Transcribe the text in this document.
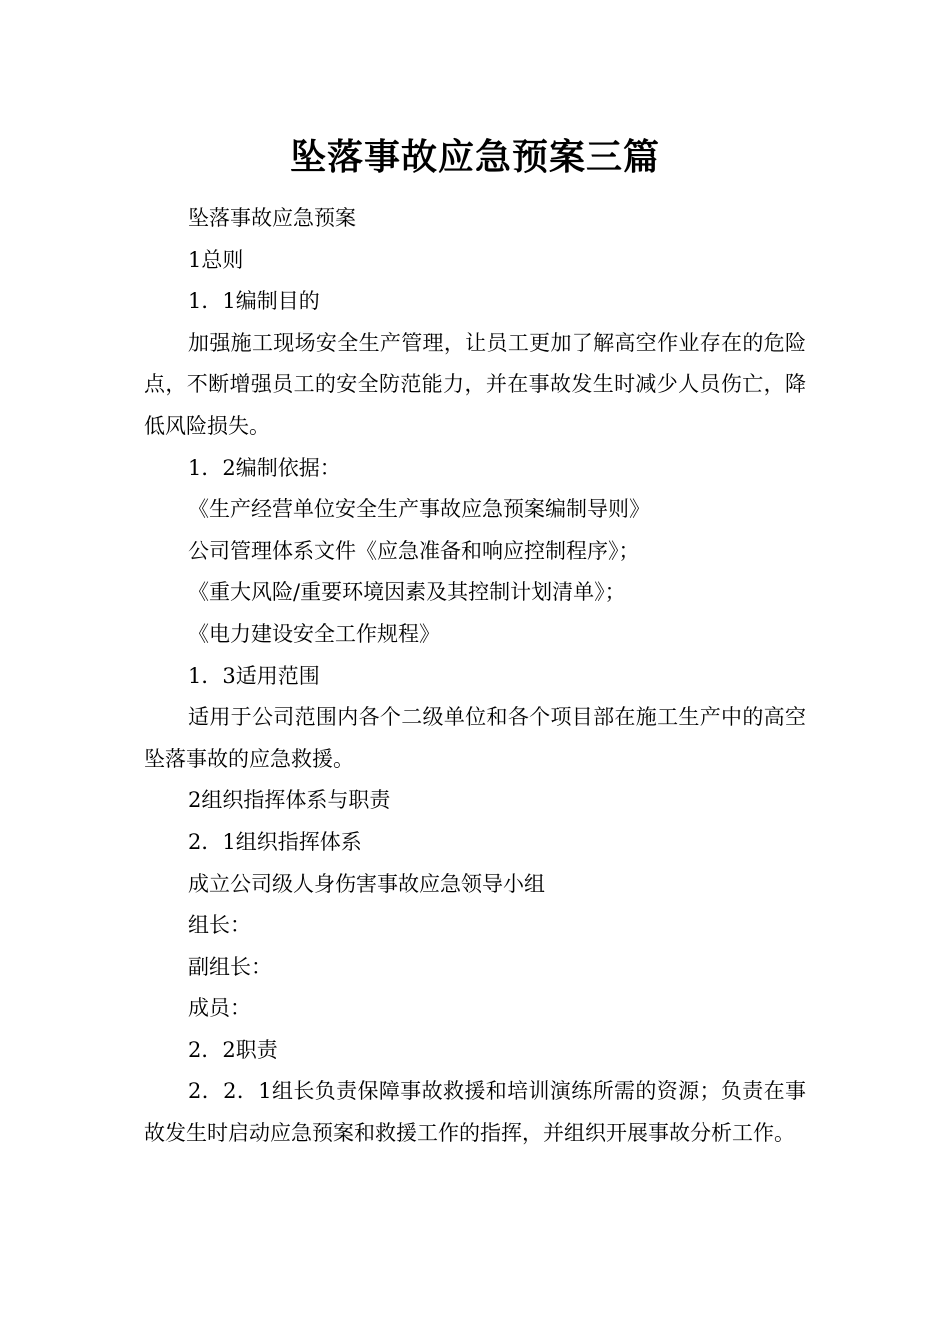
坠落事故应急预案三篇

坠落事故应急预案

1总则

1．1编制目的

加强施工现场安全生产管理，让员工更加了解高空作业存在的危险点，不断增强员工的安全防范能力，并在事故发生时减少人员伤亡，降低风险损失。

1．2编制依据：

《生产经营单位安全生产事故应急预案编制导则》

公司管理体系文件《应急准备和响应控制程序》；

《重大风险/重要环境因素及其控制计划清单》；

《电力建设安全工作规程》

1．3适用范围

适用于公司范围内各个二级单位和各个项目部在施工生产中的高空坠落事故的应急救援。

2组织指挥体系与职责

2．1组织指挥体系

成立公司级人身伤害事故应急领导小组

组长：

副组长：

成员：

2．2职责

2．2．1组长负责保障事故救援和培训演练所需的资源；负责在事故发生时启动应急预案和救援工作的指挥，并组织开展事故分析工作。
